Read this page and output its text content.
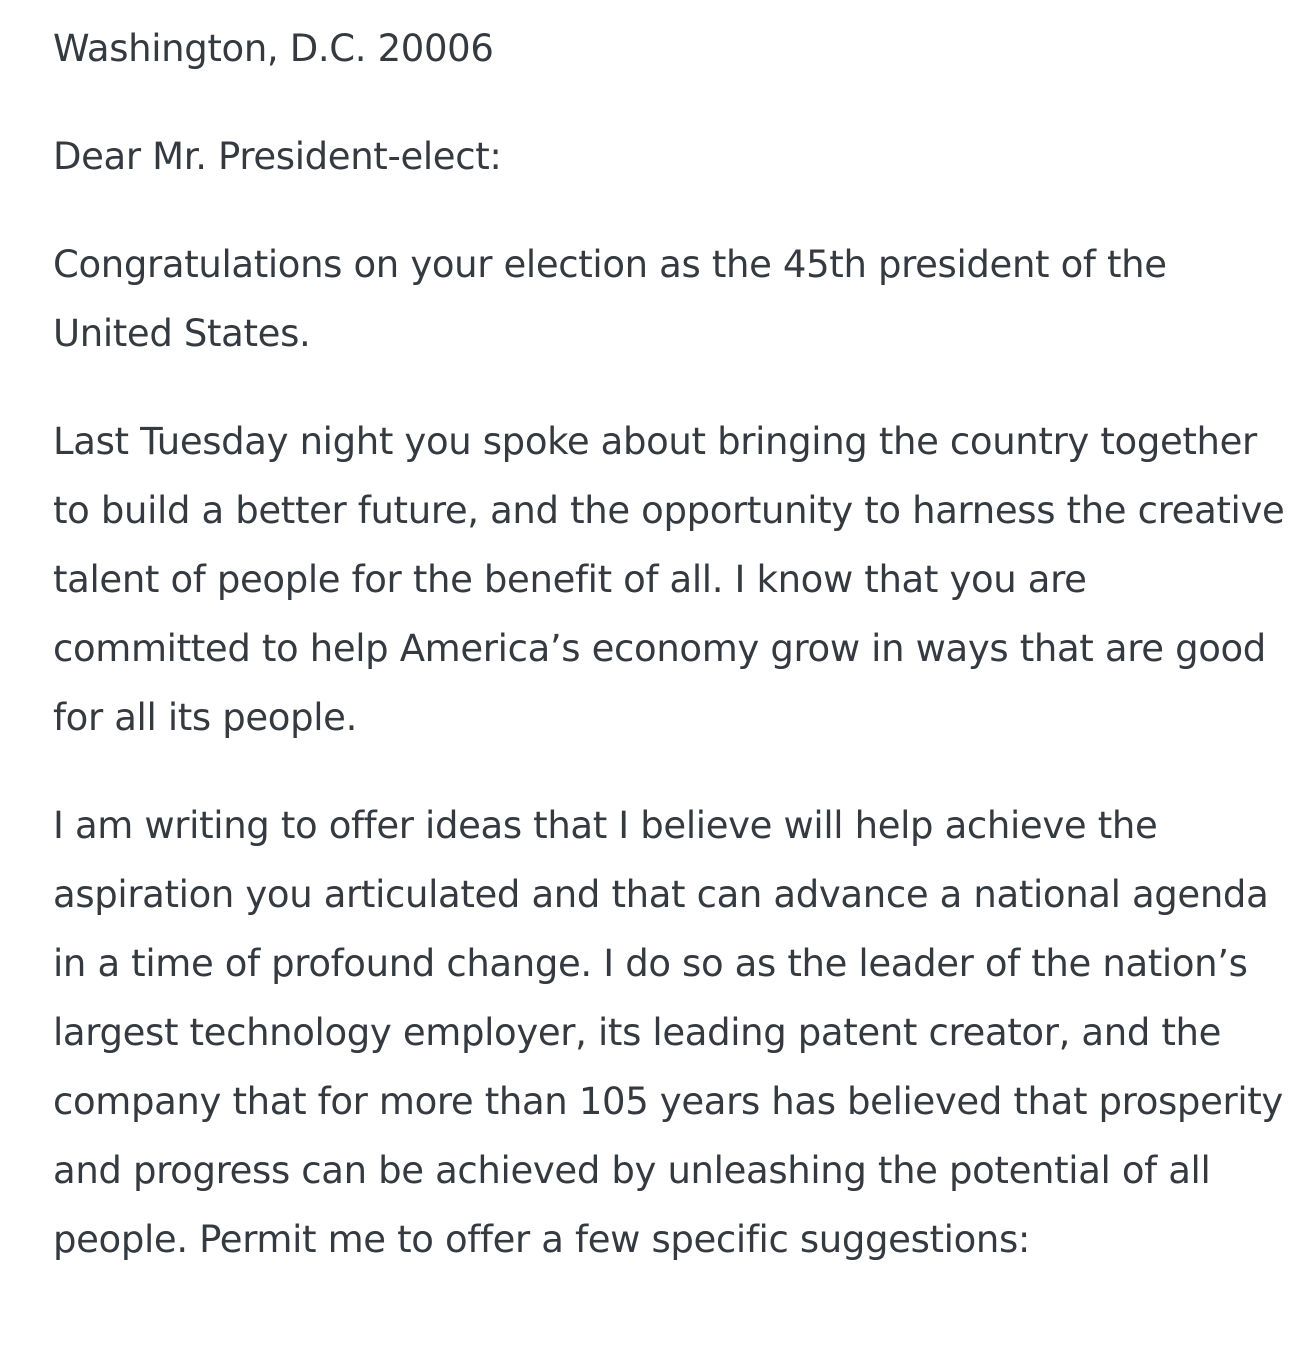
Washington, D.C. 20006

Dear Mr. President-elect:

Congratulations on your election as the 45th president of the United States.

Last Tuesday night you spoke about bringing the country together to build a better future, and the opportunity to harness the creative talent of people for the benefit of all. I know that you are committed to help America’s economy grow in ways that are good for all its people.

I am writing to offer ideas that I believe will help achieve the aspiration you articulated and that can advance a national agenda in a time of profound change. I do so as the leader of the nation’s largest technology employer, its leading patent creator, and the company that for more than 105 years has believed that prosperity and progress can be achieved by unleashing the potential of all people. Permit me to offer a few specific suggestions:
